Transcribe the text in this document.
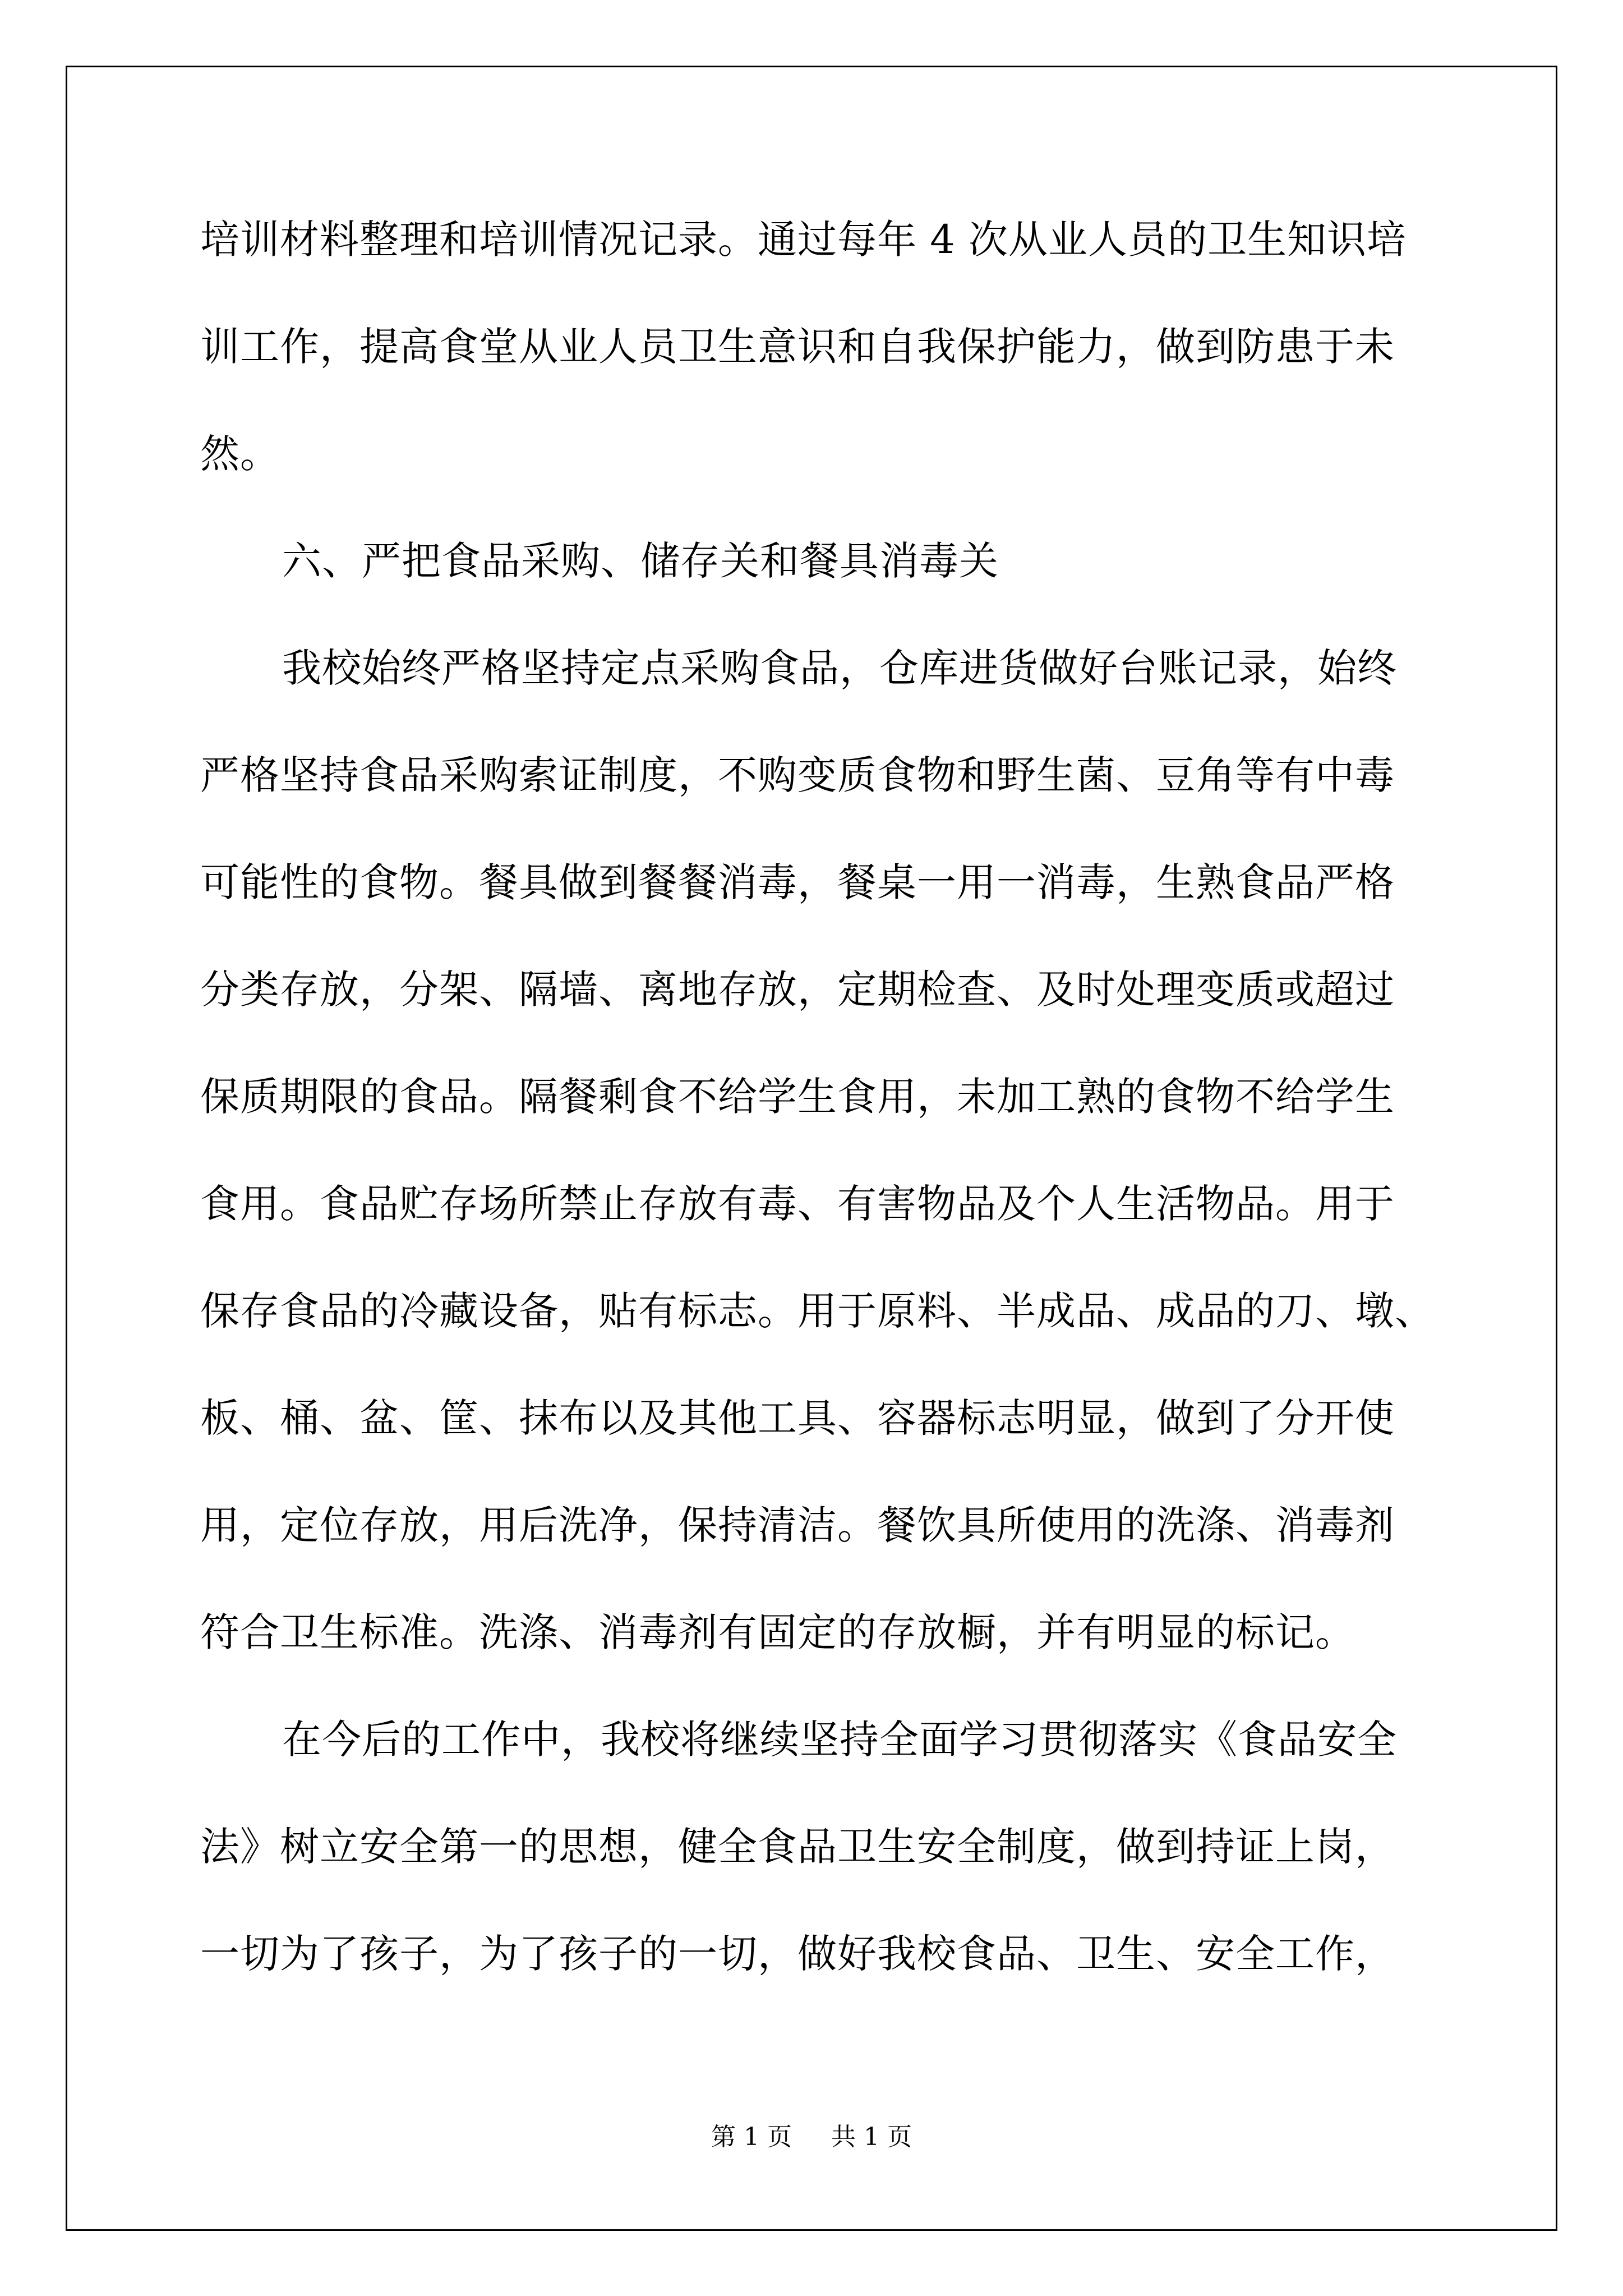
培训材料整理和培训情况记录。通过每年 4 次从业人员的卫生知识培
训工作，提高食堂从业人员卫生意识和自我保护能力，做到防患于未
然。
六、严把食品采购、储存关和餐具消毒关
我校始终严格坚持定点采购食品，仓库进货做好台账记录，始终
严格坚持食品采购索证制度，不购变质食物和野生菌、豆角等有中毒
可能性的食物。餐具做到餐餐消毒，餐桌一用一消毒，生熟食品严格
分类存放，分架、隔墙、离地存放，定期检查、及时处理变质或超过
保质期限的食品。隔餐剩食不给学生食用，未加工熟的食物不给学生
食用。食品贮存场所禁止存放有毒、有害物品及个人生活物品。用于
保存食品的冷藏设备，贴有标志。用于原料、半成品、成品的刀、墩、
板、桶、盆、筐、抹布以及其他工具、容器标志明显，做到了分开使
用，定位存放，用后洗净，保持清洁。餐饮具所使用的洗涤、消毒剂
符合卫生标准。洗涤、消毒剂有固定的存放橱，并有明显的标记。
在今后的工作中，我校将继续坚持全面学习贯彻落实《食品安全
法》树立安全第一的思想，健全食品卫生安全制度，做到持证上岗，
一切为了孩子，为了孩子的一切，做好我校食品、卫生、安全工作，
第 1 页 共 1 页
